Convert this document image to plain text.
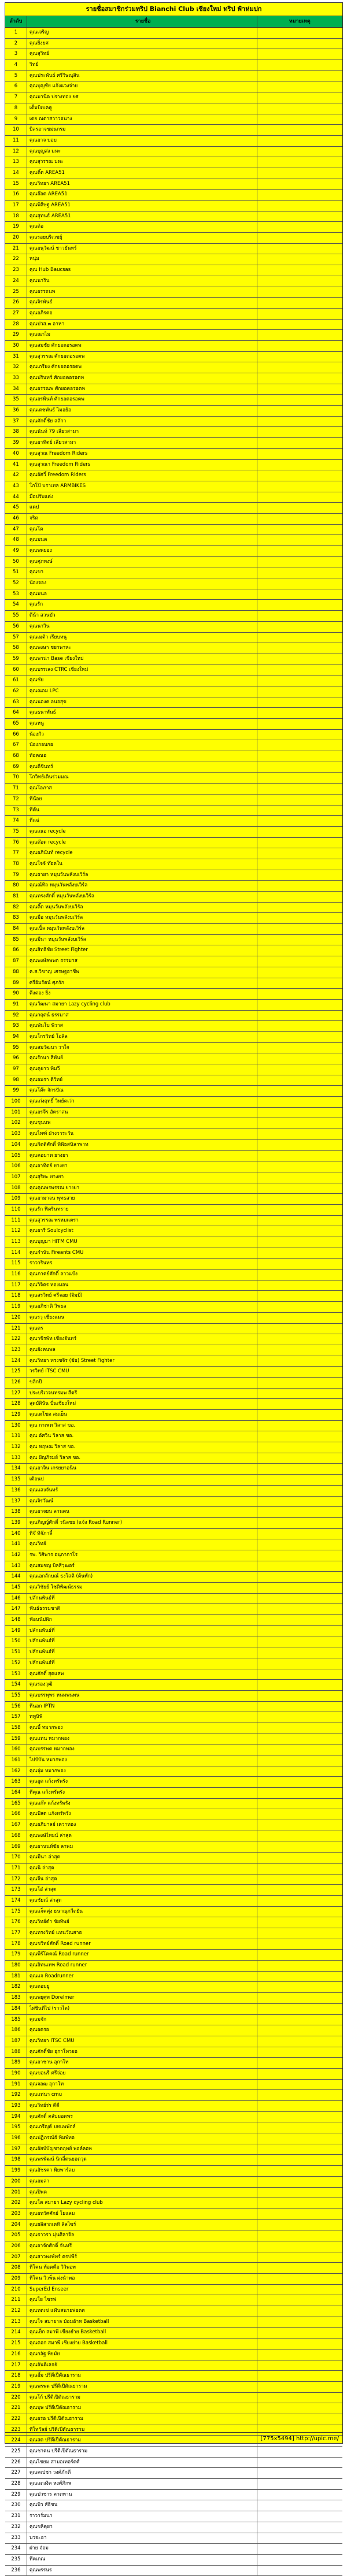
รายชื่อสมาชิกร่วมทริป Bianchi Club เชียงใหม่ ทริป ฟ้าห่มปก
ลำดับ	รายชื่อ	หมายเหตุ
1	คุณเจริญ
2	คุณยิ่งยศ
3	คุณสุวิทย์
4	วิทย์
5	คุณประพันธ์ ศรีวิษณุสิน
6	คุณบุญชัย แจ้งแวงจ่าย
7	คุณมานิต ปรางทอง ยศ
8	เต็มบิเบคคู
9	เดย ณดาสวาวอนาง
10	บิลรอาจชม่นกรม
11	คุณอาจ บอบ
12	คุณบุญส่ง มหะ
13	คุณสุวรรณ มหะ
14	คุณติ๊ด AREA51
15	คุณวิทยา AREA51
16	คุณอ๊อด AREA51
17	คุณพิสิษฐ AREA51
18	คุณสุทนธ์ AREA51
19	คุณต้อ
20	คุณรอยบริเวชยุ์
21	คุณอนุวัฒน์ ชาวยันทร์
22	หนุ่ม
23	คุณ Hub Baucsas
24	คุณนาริน
25	คุณอรรถนพ
26	คุณจิรพันธ์
27	คุณอภิรคอ
28	คุณปวส.๓ อาหา
29	คุณณาไม
30	คุณสมชัย ศักยอดอรอดพ
31	คุณสุวรรณ ศักยอดอรอดพ
32	คุณเกรียง ศักยอดอรอดพ
33	คุณปรินทร์ ศักยอดอรอดพ
34	คุณอรรณพ ศักยอดอรอดพ
35	คุณอรพินท์ ศักยอดอรอดพ
36	คุณเดชพันธ์ ไมอย้อ
37	คุณศักดิ์ชัย สลักา
38	คุณนันท์ 79 เลียวสามา
39	คุณอาทิตย์ เลียวสามา
40	คุณสุวณ Freedom Riders
41	คุณสุวณา Freedom Riders
42	คุณอัศวิ์ Freedom Riders
43	โกโป้ บราเทล ARMBIKES
44	มือปรับแต่ง
45	แดป
46	จริต
47	คุณโต
48	คุณมนต
49	คุณพพยอง
50	คุณศุภพงษ์
51	คุณขา
52	น้องจอง
53	คุณมนอ
54	คุณรัก
55	ดีน้า สวนบัว
56	คุณนาวิน
57	คุณเมต้า เรียบหนู
58	คุณพงษา ชยาพาหะ
59	คุณพาน่า Base เชียงใหม่
60	คุณบรรเลง CTRC เชียงใหม่
61	คุณชัย
62	คุณณอม LPC
63	คุณนองค อนอสุข
64	คุณธนาพันธ์
65	คุณหนู
66	น้องกัว
67	น้องกอบกอ
68	ท้อคณอ
69	คุณดีชินทร์
70	โกวิทย์เดินร่วมมณ
71	คุณโอภาส
72	ทีน้อย
73	ทีคัน
74	ทีแฉ่
75	คุณเณอ recycle
76	คุณต๊อด recycle
77	คุณอภินันท์ recycle
78	คุณโจจ้ ท๊อดใน
79	คุณธายา หมุนวันพลังบเวิร์ล
80	คุณณ์ทิล หมุนวันพลังบเวิร์ล
81	คุณทรงศักดิ์ หมุนวันพลังบเวิร์ล
82	คุณติ๊ด หมุนวันพลังบเวิร์ล
83	คุณมือ หมุนวันพลังบเวิร์ล
84	คุณเปิ้ล หมุนวันพลังบเวิร์ล
85	คุณมีนา หมุนวันพลังบเวิร์ล
86	คุณสิทธิชัย Street Fighter
87	คุณพงษ์ลพพก ธรรมาส
88	ค.ส.วิชาญ เศรษฐอาชีพ
89	ศรีอัมรัตน์ ศุภรัก
90	คีงตอง ยิ่ง
91	คุณวัฒนา สมายา Lazy cycling club
92	คุณกฤตน์ ธรรมาส
93	คุณพันโบ พิวาส
94	คุณโกรวิทย์ โอลิล
95	คุณสมวัฒนา วาใจ
96	คุณรักนา สีหันย์
97	คุณคุยาว พิมวี
98	คุณอมรา ดิวิทย์
99	คุณโต๊ะ จักรปัณ
100	คุณเก่งฤทธิ์ วิทย์ตเว่า
101	คุณอรจีร อัคราสน
102	คุณชุนนพ
103	คุณไพฑ์ ฝ่างวาระวัน
104	คุณกิตติศักดิ์ พิพิธสนิลาพาท
105	คุณคอมาท ยางยา
106	คุณอาทิตย์ ยางยา
107	คุณสุริยะ ยางยา
108	คุณคุณพรพรรณ ยางยา
109	คุณอามาจน พุทธสาย
110	คุณรัก ฟิตรินทราย
111	คุณสุวรรณ พรหมแดรา
112	คุณอารี Soulcyclist
113	คุณบุญมา HITM CMU
114	คุณกำนัน Fireants CMU
115	ราวารินทร
116	คุณภาคย์ศักดิ์ ลาวแป้ง
117	คุณวิจิตร ทองมอน
118	คุณสรวิทย์ ศรีจอย (จิมมี่)
119	คุณอภิชาติ วิพยล
120	คุณรวุ เชียงแมน
121	คุณตร
122	คุณวชิรพัท เชียงจันทร์
123	คุณยังคนพล
124	คุณวิทยา ทรงขจิร (ช้อ) Street Fighter
125	วรวิทย์ ITSC CMU
126	ขลิกปี
127	ประบริเวจนทรมพ สีดรี
128	สุดบัตินัน ปั่นเชียงใหม่
129	คุณเดโชต สมเย็น
130	คุณ กาเพท วิลาส ขอ.
131	คุณ อัศวิน วิลาส ขอ.
132	คุณ หฤษณ วิลาส ขอ.
133	คุณ ฝัญภิรมย์ วิลาส ขอ.
134	คุณอาจิน เกรยยาอนิน
135	เดิอนป
136	คุณแสงจันทร์
137	คุณจิรวัฒน์
138	คุณอาจยน ลานตน
139	คุณภิญญ์ศักดิ์ วนิลชย (แจ้ง Road Runner)
140	ทิจ๊ ทิจ๊ภาลี้
141	คุณวิทย์
142	รพ. วิศิพาร อนุกากาโร
143	คุณสมชญ บิลสีวุฒอร์
144	คุณเอกลักษณ์ ธงโสติ (ต้นพัก)
145	คุณวิชัยย์ โชติพัฒน์ธรรม
146	ปลักนพันธ์ที่
147	ฟันธ์ธรรมชาติ
148	ฟ้อนนัปพิก
149	ปลักนพันธ์ที่
150	ปลักนพันธ์ที่
151	ปลักนพันธ์ที่
152	ปลักนพันธ์ที่
153	คุณศักดิ์ สุดแสพ
154	คุณรองวุฒิ
155	คุณบรรพุพร หนมพนพน
156	ทีนอก IPTN
157	ทพูนิพิ
158	คุณบี้ หมากพอง
159	คุณแทน หมากพอง
160	คุณบรรพต หมากพอง
161	ไปปับัน หมากพอง
162	คุณจุ่ม หมากพอง
163	คุณอูต แก้งทรัพรัง
164	ทีคุณ แก้งทรัพรัง
165	คุณแก๊ะ แก้งทรัพรัง
166	คุณปัสด แก้งทรัพรัง
167	คุณอภิมาลย์ เดวาทอง
168	คุณพงษ์ไทยน์ ล่าสุด
169	คุณอานนท์ชัย ลาพม
170	คุณมีนา ล่าสุด
171	คุณนิ ล่าสุด
172	คุณจีน ล่าสุด
173	คุณโอ๋ ล่าสุด
174	คุณชัยณ์ ล่าสุด
175	คุณแจ็คคุ่ง ธนาณุกวีตยัน
176	คุณวิทย์ดำ ชัยทิพย์
177	คุณทรงวิทย์ แทนวัณสาธ
178	คุณชวิทย์ศักดิ์ Road runner
179	คุณพีร์โคคณ์ Road runner
180	คุณอิทนเทพ Road runner
181	คุณแจ Roadrunner
182	คุณตอมยู
183	คุณพยุศุพ Dorelmer
184	ไผ่ชินทีไป (ราวไต)
185	คุณมจัก
186	คุณอดรอ
187	คุณวิทยา ITSC CMU
188	คุณศักดิ์ชัย อุกาโทวยอ
189	คุณอาชาน อุกาโท
190	คุณขอนรี ศรีจ่อย
191	คุณจอฒ อุกาโท
192	คุณแท่นา cmu
193	คุณวิทย์ร่ร ดีดี
194	คุณศักดิ์ คลับมอดพร
195	คุณเกรีญค์ บทแพพักล์
196	คุณปฏิภรณ์ธ์ พิมพ์ทอ
197	คุณอัยบ์บัญชาดฤพย์ พอล์ลอพ
198	คุณพรพัฒน์ นิกลี่ดนยอดวุด
199	คุณอัชรคา พิยพาร์ลบ
200	คุณอมล่า
201	คุณปิพต
202	คุณโต สมายา Lazy cycling club
203	คุณอทวัศศักย์ โยแลม
204	คุณยลิสากเดทิ ลิลไซร์
205	คุณธาวรา มุ่นศิลาจิล
206	คุณอาจักศักดิ์ จันทรี
207	คุณสาวพงษ์ทร์ ตรปพีร์
208	ทีโคน ท้อคคือ วิวิพอพ
209	ทีโคน วิวพ็น ผ่งนำพอ
210	SuperEd Enseer
211	คุณโย ไซรฟ
212	คุณทตเข่ แฟ้นสนายพ่อดต
213	คุณโจ สมายาล ม้อมอ้าห Basketball
214	คุณเย็ก สมาพี เชียงยำย Basketball
215	คุณตอก สมาพี เชียงย่าย Basketball
216	คุณกลัฐ พิยมัย
217	คุณอันติเลจยั
218	คุณอั้ม ปรีดีเปีดัณธาราม
219	คุณพรพด ปรีดีเปีดัณธาราม
220	คุณโก้ ปรีดีเปีดัณธาราม
221	คุณบุษ ปรีดีเปีดัณธาราม
222	คุณอรอ ปรีดีเปีดัณธาราม
223	ทีโทวัลย์ ปรีดีเปีดัณธาราม
224	คุณสด ปรีดีเปีดัณธาราม
225	คุณชาคน ปรีดีเปีดัณธาราม
226	คุณไชยม สามอเทอร์ดศ์
227	คุณคเปชา วงศ์ภักดี
228	คุณแดงงิค หงศ์ภิกพ
229	คุณปวชาร คาดพาน
230	คุณบิว สัธิชน
231	ราวาร์มนา
232	คุณชลิคุยา
233	บวจะอา
234	ฝาย จ๋อม
235	ทีคเกณ
236	คุณพรรนร
[775x5494] http://upic.me/
